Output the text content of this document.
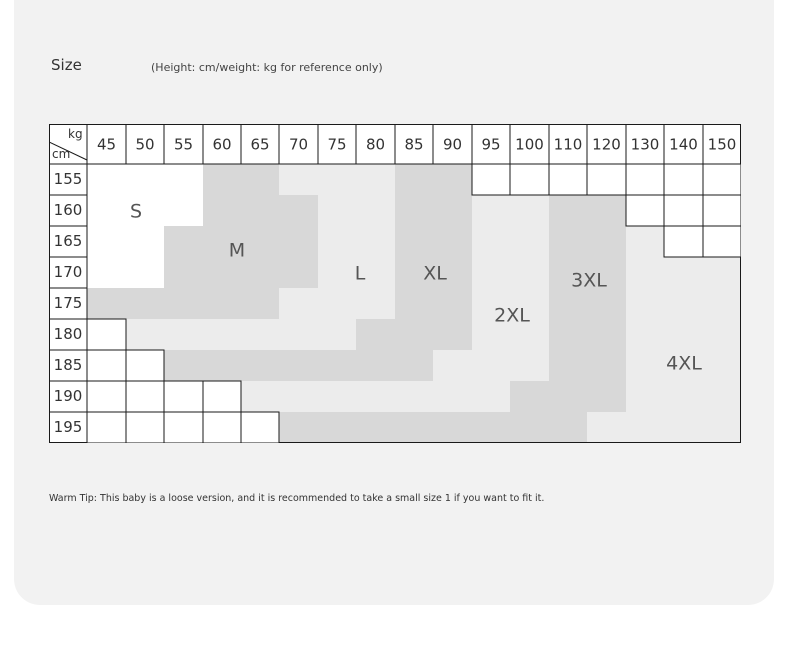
Size	(Height: cm/weight: kg for reference only)
45 50 55 60 65 70 75 80 85 90 95 100 110 120 130 140 150
155
160
165
170
175
180
185
190
195
kg
cm
S
M
L	XL
2XL
3XL
4XL
Warm Tip: This baby is a loose version, and it is recommended to take a small size 1 if you want to fit it.
